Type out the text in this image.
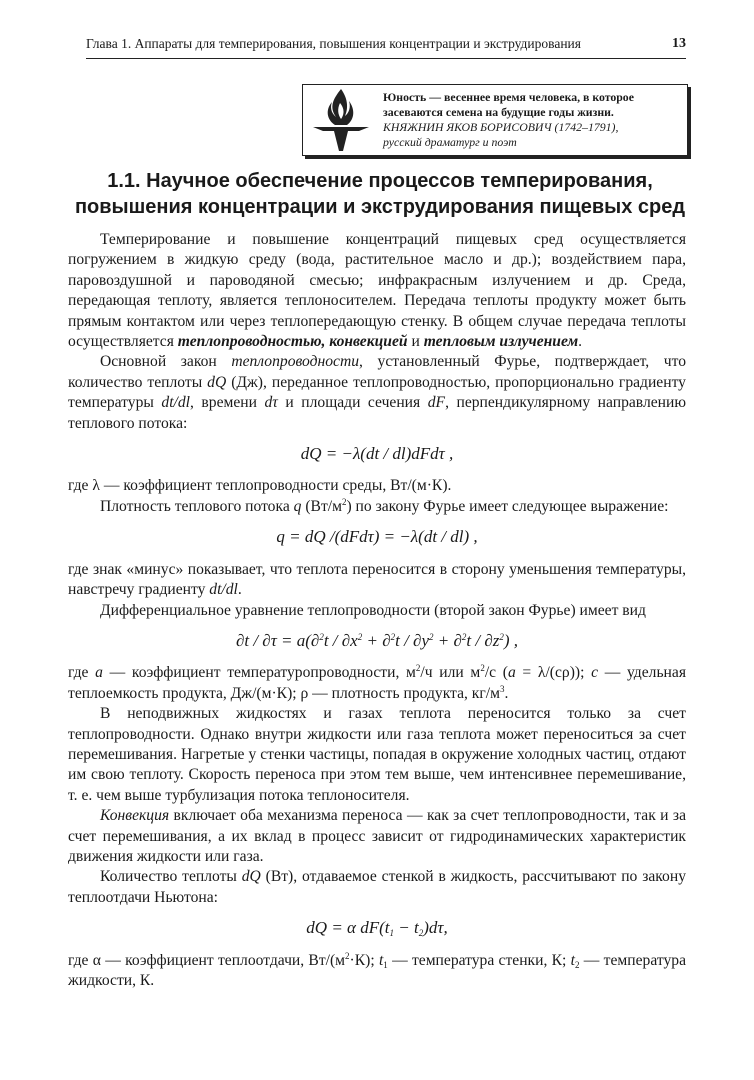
Глава 1. Аппараты для темперирования, повышения концентрации и экструдирования	13
Юность — весеннее время человека, в которое
засеваются семена на будущие годы жизни.
КНЯЖНИН ЯКОВ БОРИСОВИЧ (1742–1791),
русский драматург и поэт
1.1. Научное обеспечение процессов темперирования,
повышения концентрации и экструдирования пищевых сред

Темперирование и повышение концентраций пищевых сред осуществляется погружением в жидкую среду (вода, растительное масло и др.); воздействием пара, паровоздушной и пароводяной смесью; инфракрасным излучением и др. Среда, передающая теплоту, является теплоносителем. Передача теплоты продукту может быть прямым контактом или через теплопередающую стенку. В общем случае передача теплоты осуществляется теплопроводностью, конвекцией и тепловым излучением.

Основной закон теплопроводности, установленный Фурье, подтверждает, что количество теплоты dQ (Дж), переданное теплопроводностью, пропорционально градиенту температуры dt/dl, времени dτ и площади сечения dF, перпендикулярному направлению теплового потока:

dQ = −λ(dt / dl)dFdτ ,

где λ — коэффициент теплопроводности среды, Вт/(м·К).

Плотность теплового потока q $(Вт/м^2)$ по закону Фурье имеет следующее выражение:

q = dQ /(dFdτ) = −λ(dt / dl) ,

где знак «минус» показывает, что теплота переносится в сторону уменьшения температуры, навстречу градиенту dt/dl.

Дифференциальное уравнение теплопроводности (второй закон Фурье) имеет вид

$\partial t / \partial\tau = a(\partial^2t / \partial x^2 + \partial^2t / \partial y^2 + \partial^2t / \partial z^2)$ ,

где a — коэффициент температуропроводности, $м^2/ч$ или $м^2/с$ (a = λ/(cρ)); c — удельная теплоемкость продукта, Дж/(м·К); ρ — плотность продукта, $кг/м^3$.

В неподвижных жидкостях и газах теплота переносится только за счет теплопроводности. Однако внутри жидкости или газа теплота может переноситься за счет перемешивания. Нагретые у стенки частицы, попадая в окружение холодных частиц, отдают им свою теплоту. Скорость переноса при этом тем выше, чем интенсивнее перемешивание, т. е. чем выше турбулизация потока теплоносителя.

Конвекция включает оба механизма переноса — как за счет теплопроводности, так и за счет перемешивания, а их вклад в процесс зависит от гидродинамических характеристик движения жидкости или газа.

Количество теплоты dQ (Вт), отдаваемое стенкой в жидкость, рассчитывают по закону теплоотдачи Ньютона:

dQ = α $dF(t_1 - t_2)d\tau$,

где α — коэффициент теплоотдачи, $Вт/(м^2\cdot К)$; $t_1$ — температура стенки, К; $t_2$ — температура жидкости, К.
